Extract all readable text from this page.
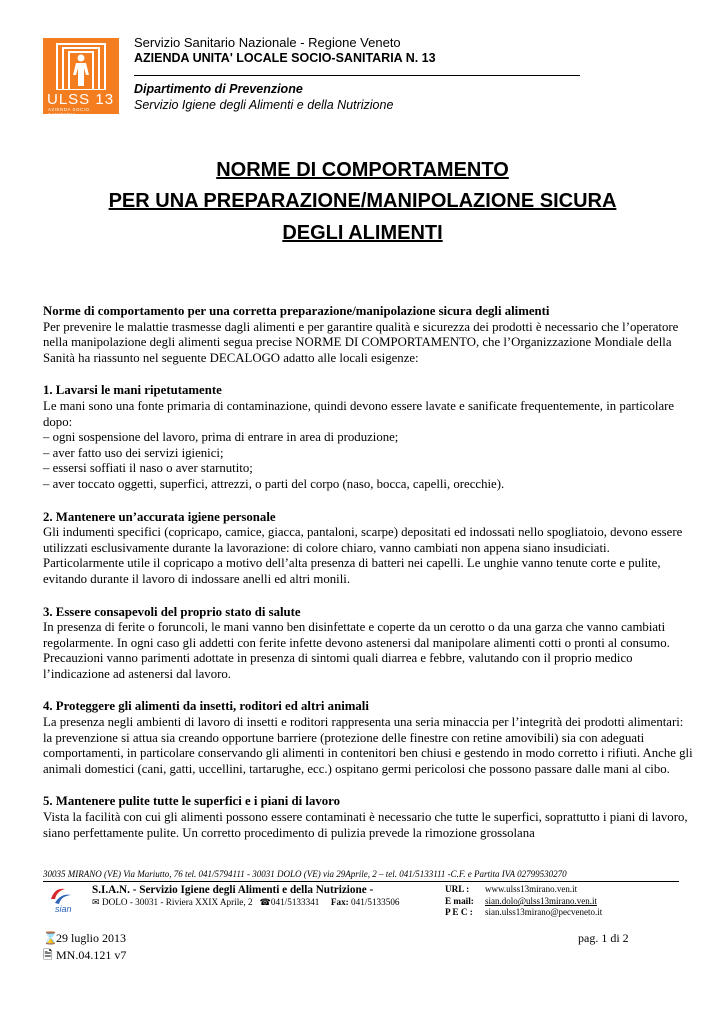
ULSS 13
AZIENDA SOCIO SANITARIA
Servizio Sanitario Nazionale - Regione Veneto
AZIENDA UNITA' LOCALE SOCIO-SANITARIA N. 13
Dipartimento di Prevenzione
Servizio Igiene degli Alimenti e della Nutrizione
NORME DI COMPORTAMENTO
PER UNA PREPARAZIONE/MANIPOLAZIONE SICURA
DEGLI ALIMENTI

Norme di comportamento per una corretta preparazione/manipolazione sicura degli alimenti

Per prevenire le malattie trasmesse dagli alimenti e per garantire qualità e sicurezza dei prodotti è necessario che l’operatore nella manipolazione degli alimenti segua precise NORME DI COMPORTAMENTO, che l’Organizzazione Mondiale della Sanità ha riassunto nel seguente DECALOGO adatto alle locali esigenze:

1. Lavarsi le mani ripetutamente

Le mani sono una fonte primaria di contaminazione, quindi devono essere lavate e sanificate frequentemente, in particolare dopo:

– ogni sospensione del lavoro, prima di entrare in area di produzione;

– aver fatto uso dei servizi igienici;

– essersi soffiati il naso o aver starnutito;

– aver toccato oggetti, superfici, attrezzi, o parti del corpo (naso, bocca, capelli, orecchie).

2. Mantenere un’accurata igiene personale

Gli indumenti specifici (copricapo, camice, giacca, pantaloni, scarpe) depositati ed indossati nello spogliatoio, devono essere utilizzati esclusivamente durante la lavorazione: di colore chiaro, vanno cambiati non appena siano insudiciati. Particolarmente utile il copricapo a motivo dell’alta presenza di batteri nei capelli. Le unghie vanno tenute corte e pulite, evitando durante il lavoro di indossare anelli ed altri monili.

3. Essere consapevoli del proprio stato di salute

In presenza di ferite o foruncoli, le mani vanno ben disinfettate e coperte da un cerotto o da una garza che vanno cambiati regolarmente. In ogni caso gli addetti con ferite infette devono astenersi dal manipolare alimenti cotti o pronti al consumo.

Precauzioni vanno parimenti adottate in presenza di sintomi quali diarrea e febbre, valutando con il proprio medico l’indicazione ad astenersi dal lavoro.

4. Proteggere gli alimenti da insetti, roditori ed altri animali

La presenza negli ambienti di lavoro di insetti e roditori rappresenta una seria minaccia per l’integrità dei prodotti alimentari: la prevenzione si attua sia creando opportune barriere (protezione delle finestre con retine amovibili) sia con adeguati comportamenti, in particolare conservando gli alimenti in contenitori ben chiusi e gestendo in modo corretto i rifiuti. Anche gli animali domestici (cani, gatti, uccellini, tartarughe, ecc.) ospitano germi pericolosi che possono passare dalle mani al cibo.

5. Mantenere pulite tutte le superfici e i piani di lavoro

Vista la facilità con cui gli alimenti possono essere contaminati è necessario che tutte le superfici, soprattutto i piani di lavoro, siano perfettamente pulite. Un corretto procedimento di pulizia prevede la rimozione grossolana

30035 MIRANO (VE) Via Mariutto, 76 tel. 041/5794111 - 30031 DOLO (VE) via 29Aprile, 2 – tel. 041/5133111 -C.F. e Partita IVA 02799530270
sian
S.I.A.N. - Servizio Igiene degli Alimenti e della Nutrizione -
✉ DOLO - 30031 - Riviera XXIX Aprile, 2 ☎041/5133341 Fax: 041/5133506
URL : www.ulss13mirano.ven.it
E mail: sian.dolo@ulss13mirano.ven.it
P E C : sian.ulss13mirano@pecveneto.it
⌛ 29 luglio 2013
🗎 MN.04.121 v7
pag. 1 di 2
